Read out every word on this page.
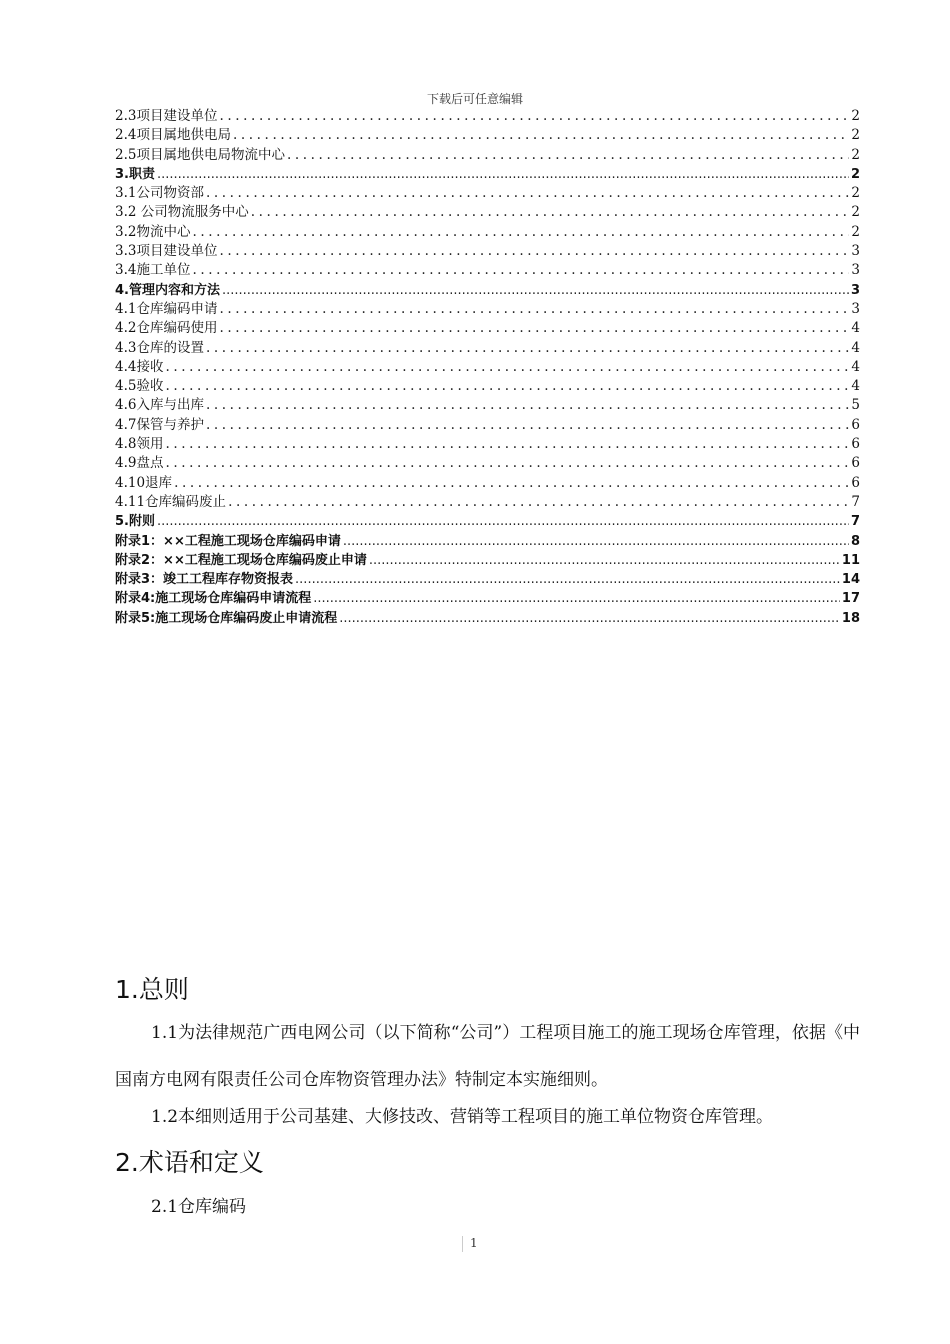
下载后可任意编辑
2.3项目建设单位 .....	2
2.4项目属地供电局 .....	2
2.5项目属地供电局物流中心 .....	2
3.职责 .....	2
3.1公司物资部 .....	2
3.2 公司物流服务中心 .....	2
3.2物流中心 .....	2
3.3项目建设单位 .....	3
3.4施工单位 .....	3
4.管理内容和方法 .....	3
4.1仓库编码申请 .....	3
4.2仓库编码使用 .....	4
4.3仓库的设置 .....	4
4.4接收 .....	4
4.5验收 .....	4
4.6入库与出库 .....	5
4.7保管与养护 .....	6
4.8领用 .....	6
4.9盘点 .....	6
4.10退库 .....	6
4.11仓库编码废止 .....	7
5.附则 .....	7
附录1：××工程施工现场仓库编码申请 .....	8
附录2：××工程施工现场仓库编码废止申请 .....	11
附录3：竣工工程库存物资报表 .....	14
附录4:施工现场仓库编码申请流程 .....	17
附录5:施工现场仓库编码废止申请流程 .....	18
1.总则

1.1为法律规范广西电网公司（以下简称“公司”）工程项目施工的施工现场仓库管理，依据《中国南方电网有限责任公司仓库物资管理办法》特制定本实施细则。

1.2本细则适用于公司基建、大修技改、营销等工程项目的施工单位物资仓库管理。

2.术语和定义

2.1仓库编码

1
